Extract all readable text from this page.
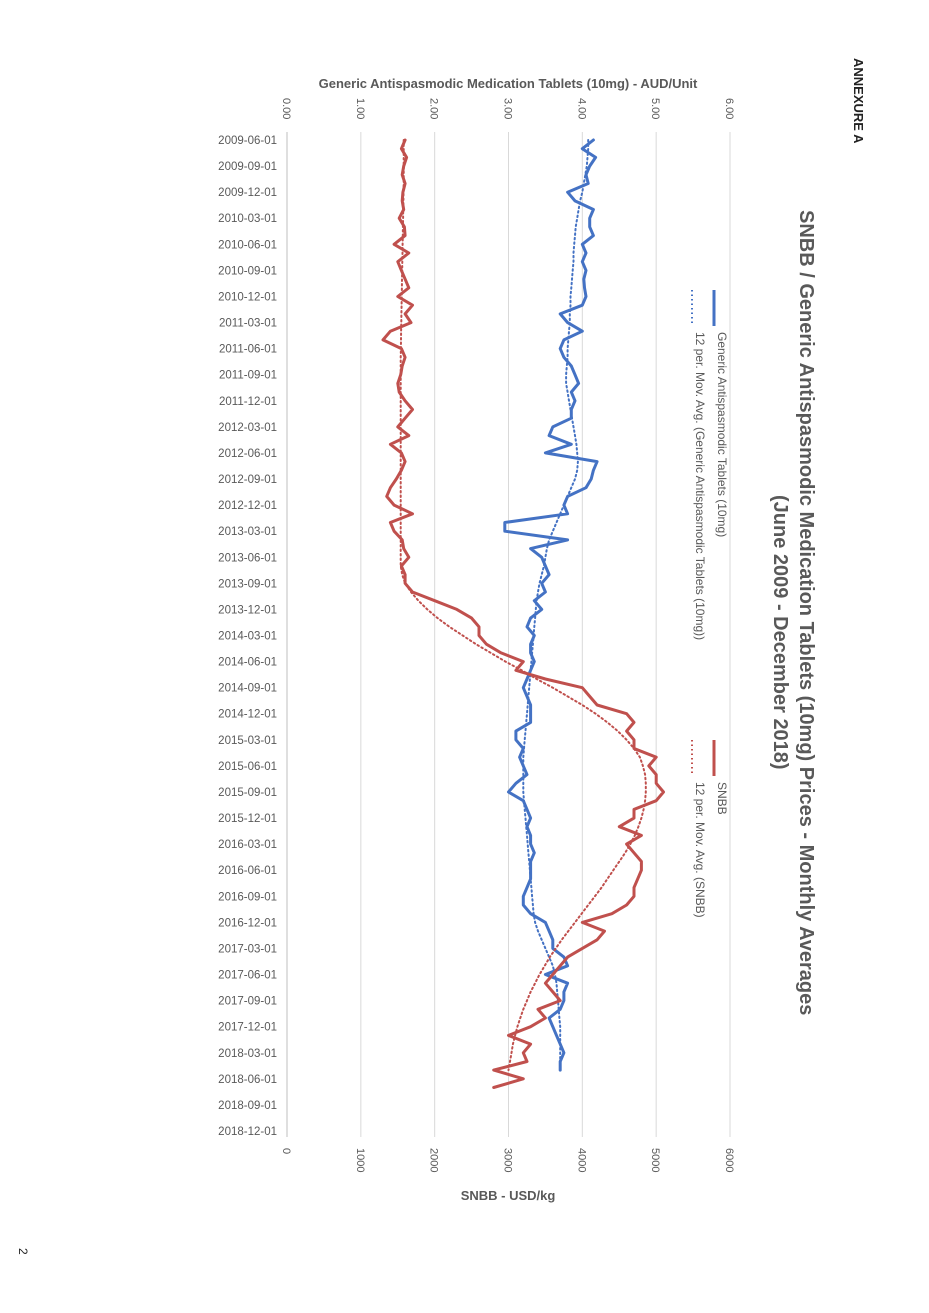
ANNEXURE A
2
0.00	1.00	2.00	3.00	4.00	5.00	6.00
0	1000	2000	3000	4000	5000	6000
2009-06-01
2009-09-01
2009-12-01
2010-03-01
2010-06-01
2010-09-01
2010-12-01
2011-03-01
2011-06-01
2011-09-01
2011-12-01
2012-03-01
2012-06-01
2012-09-01
2012-12-01
2013-03-01
2013-06-01
2013-09-01
2013-12-01
2014-03-01
2014-06-01
2014-09-01
2014-12-01
2015-03-01
2015-06-01
2015-09-01
2015-12-01
2016-03-01
2016-06-01
2016-09-01
2016-12-01
2017-03-01
2017-06-01
2017-09-01
2017-12-01
2018-03-01
2018-06-01
2018-09-01
2018-12-01
Generic Antispasmodic Medication Tablets (10mg) - AUD/Unit
SNBB - USD/kg
SNBB / Generic Antispasmodic Medication Tablets (10mg) Prices - Monthly Averages
(June 2009 - December 2018)
Generic Antispasmodic Tablets (10mg)
12 per. Mov. Avg. (Generic Antispasmodic Tablets (10mg))
SNBB
12 per. Mov. Avg. (SNBB)
